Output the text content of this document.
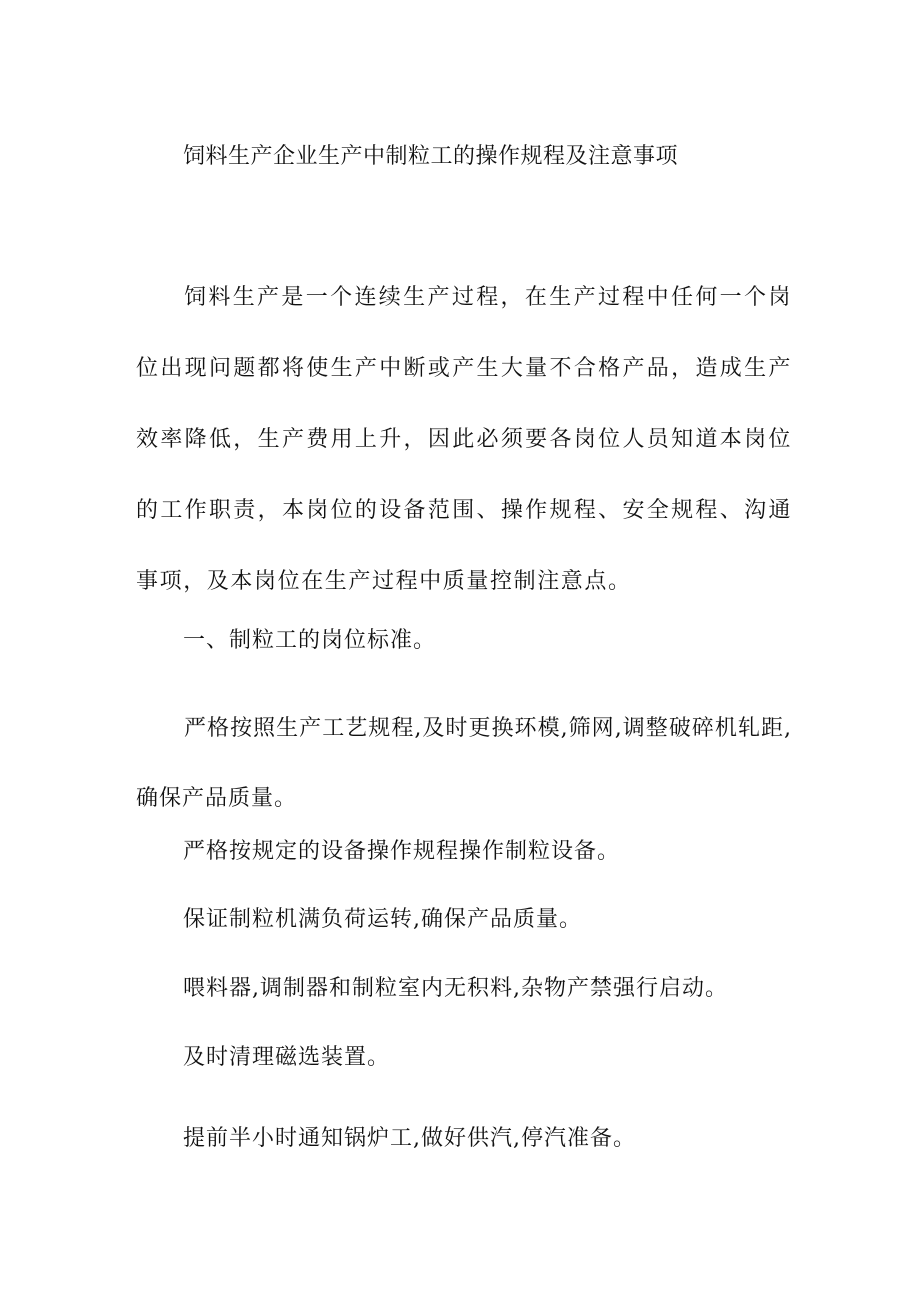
饲料生产企业生产中制粒工的操作规程及注意事项

饲料生产是一个连续生产过程，在生产过程中任何一个岗位出现问题都将使生产中断或产生大量不合格产品，造成生产效率降低，生产费用上升，因此必须要各岗位人员知道本岗位的工作职责，本岗位的设备范围、操作规程、安全规程、沟通事项，及本岗位在生产过程中质量控制注意点。

一、制粒工的岗位标准。

严格按照生产工艺规程,及时更换环模,筛网,调整破碎机轧距,确保产品质量。

严格按规定的设备操作规程操作制粒设备。

保证制粒机满负荷运转,确保产品质量。

喂料器,调制器和制粒室内无积料,杂物产禁强行启动。

及时清理磁选装置。

提前半小时通知锅炉工,做好供汽,停汽准备。
